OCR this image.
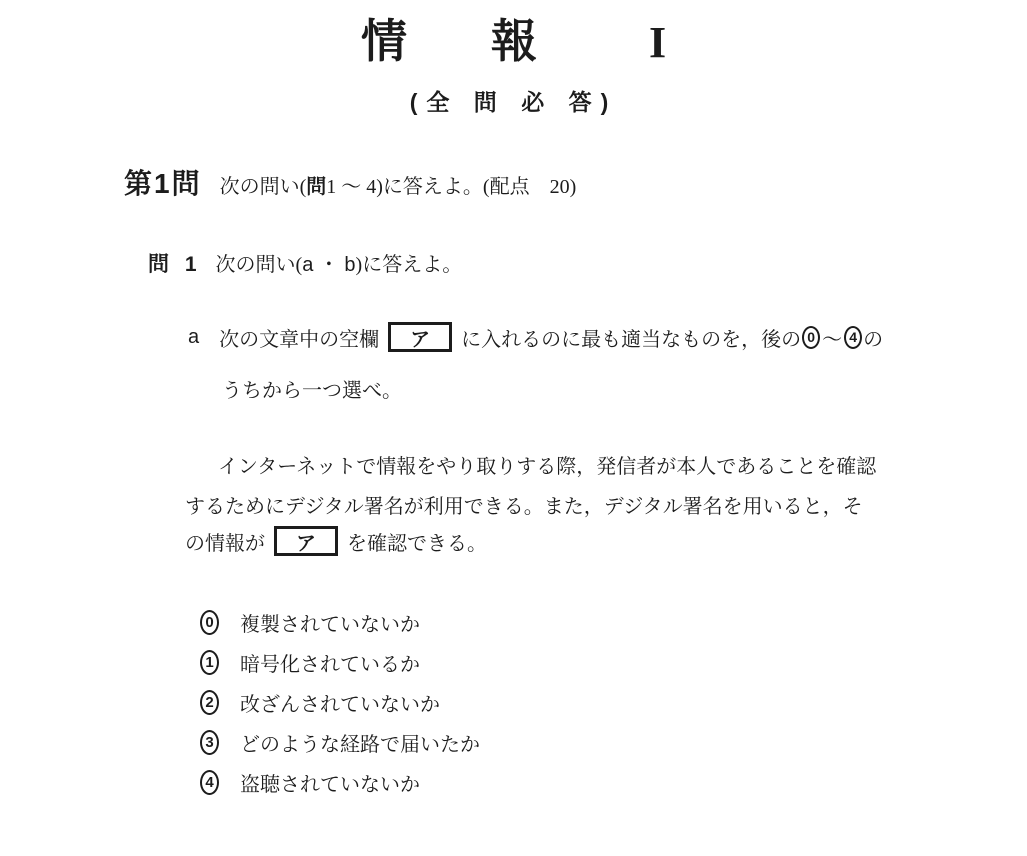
情 報	I
(全 問 必 答)
第1問 次の問い(問1 ～ 4)に答えよ。(配点　20)
問 1 次の問い(a ・ b)に答えよ。
a 次の文章中の空欄	ア	に入れるのに最も適当なものを，後の 0 ～ 4 の
うちから一つ選べ。
インターネットで情報をやり取りする際，発信者が本人であることを確認
するためにデジタル署名が利用できる。また，デジタル署名を用いると，そ
の情報が	ア	を確認できる。
0 複製されていないか
1 暗号化されているか
2 改ざんされていないか
3 どのような経路で届いたか
4 盗聴されていないか
